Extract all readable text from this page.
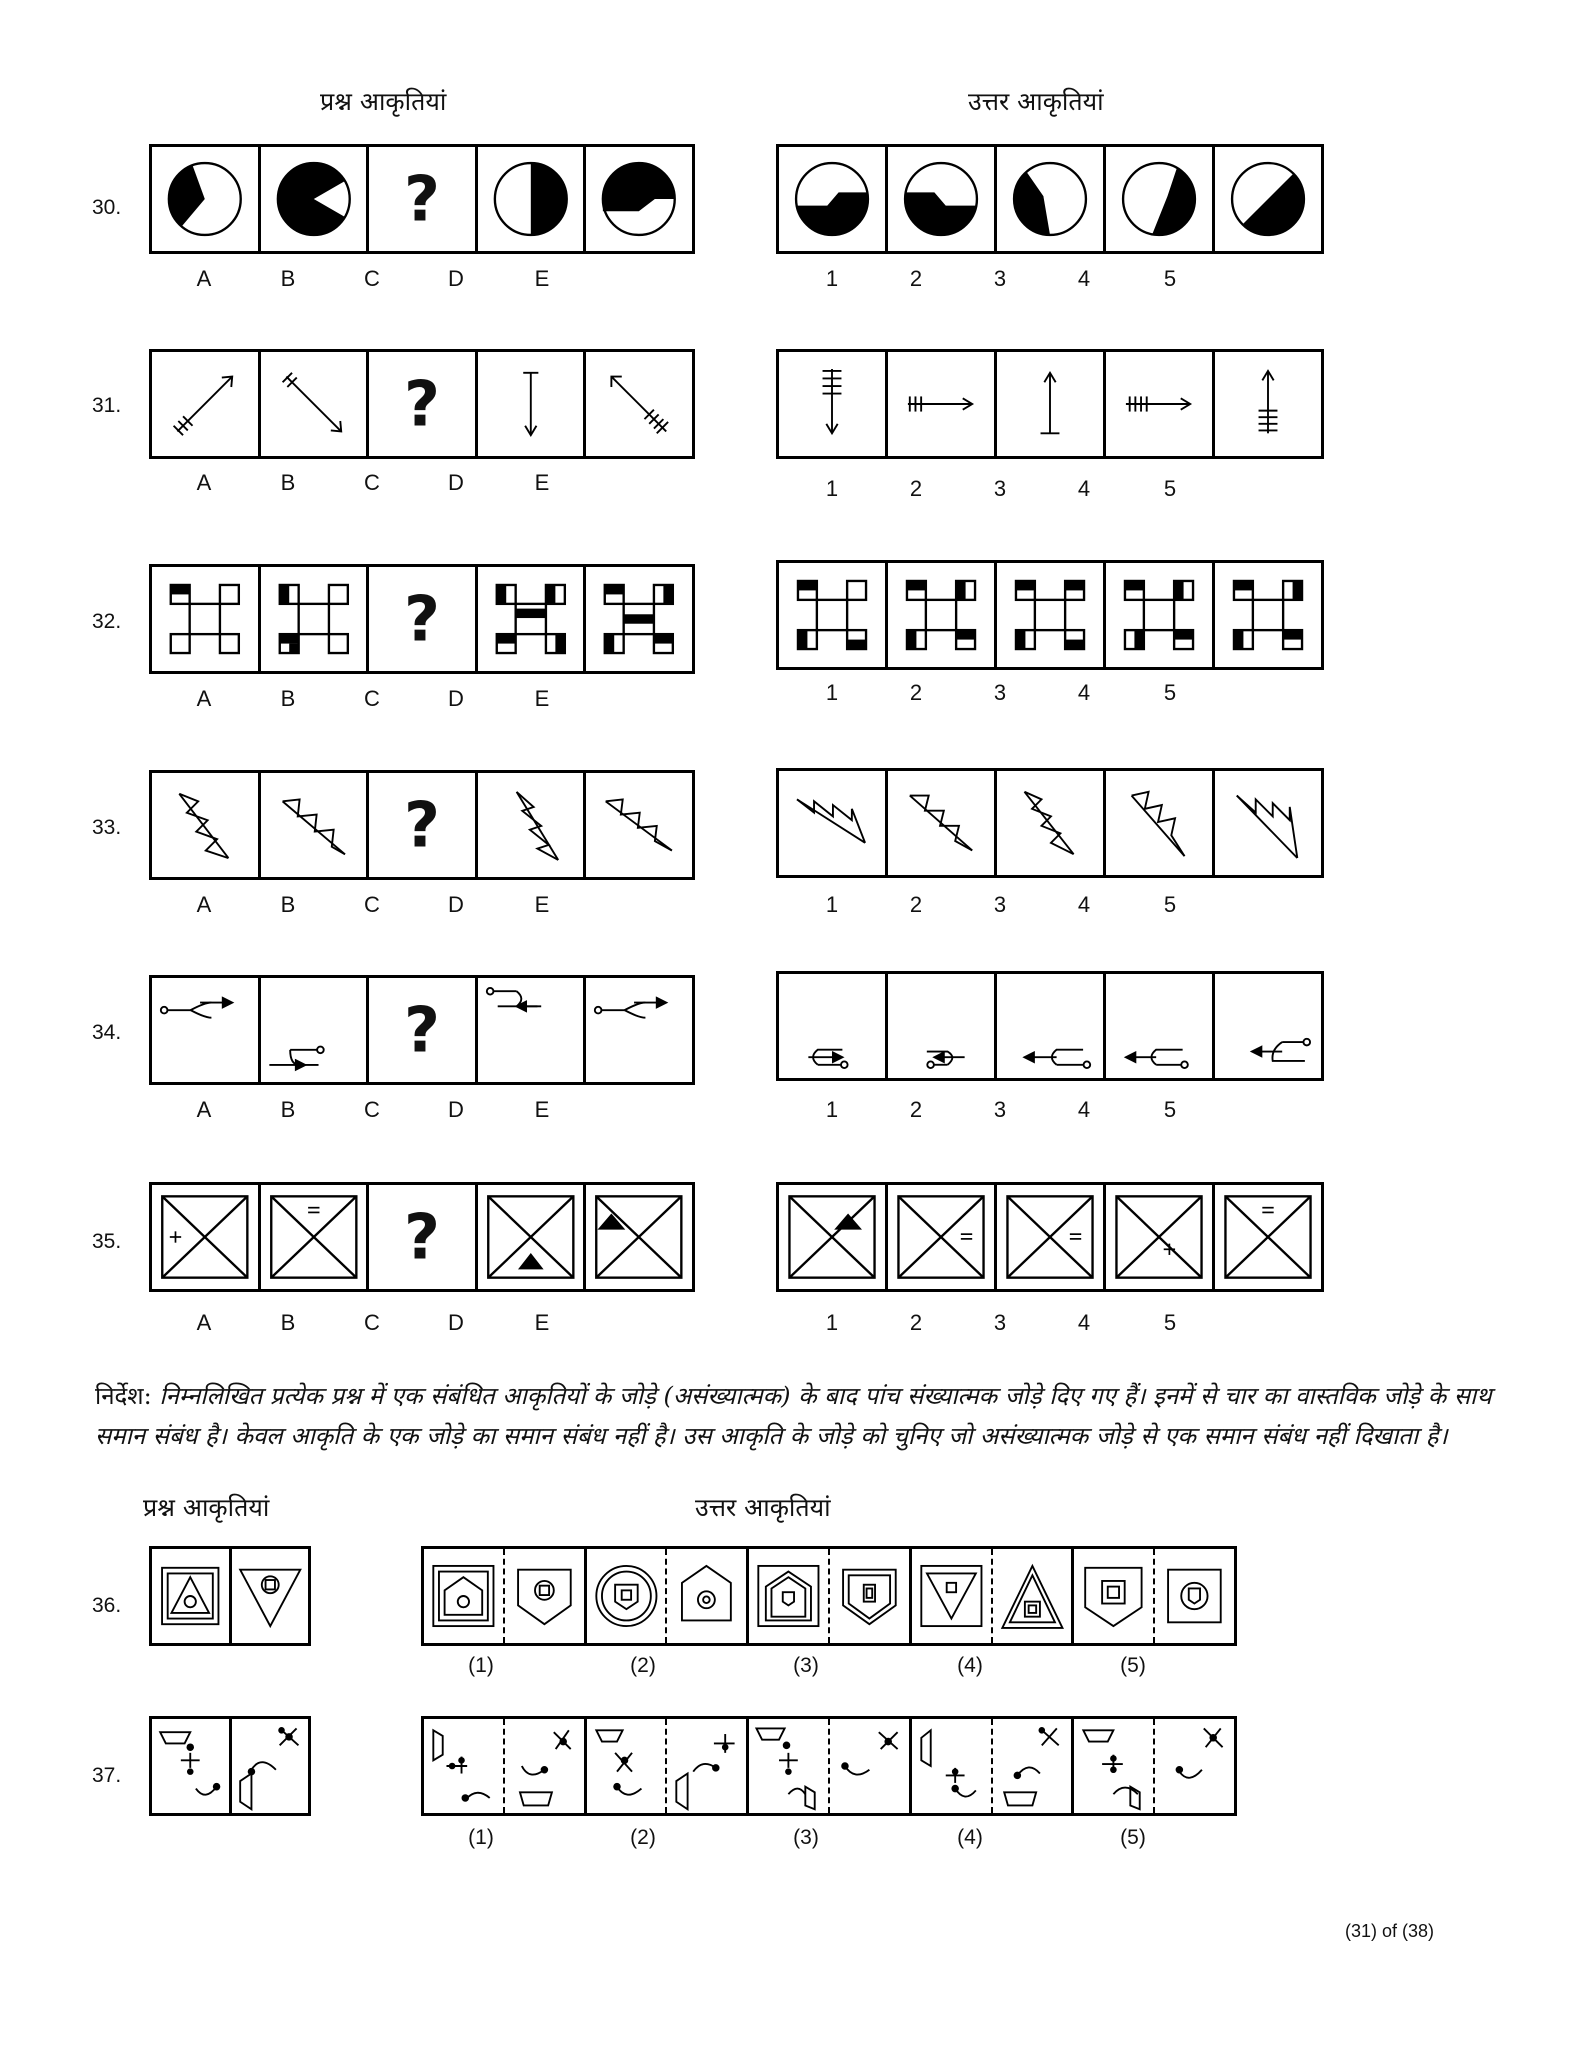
प्रश्न आकृतियां	उत्तर आकृतियां
30.	?
31.	?
32.	?
33.	?
34.	?
35.	?
A	B	C	D	E	1	2	3	4	5
A	B	C	D	E	1	2	3	4	5
A	B	C	D	E	1	2	3	4	5
A	B	C	D	E	1	2	3	4	5
A	B	C	D	E	1	2	3	4	5
A	B	C	D	E	1	2	3	4	5
निर्देश: निम्नलिखित प्रत्येक प्रश्न में एक संबंधित आकृतियों के जोड़े (असंख्यात्मक) के बाद पांच संख्यात्मक जोड़े दिए गए हैं। इनमें से चार का वास्तविक जोड़े के साथ समान संबंध है। केवल आकृति के एक जोड़े का समान संबंध नहीं है। उस आकृति के जोड़े को चुनिए जो असंख्यात्मक जोड़े से एक समान संबंध नहीं दिखाता है।
प्रश्न आकृतियां	उत्तर आकृतियां
36.
37.
(1)	(2)	(3)	(4)	(5)
(1)	(2)	(3)	(4)	(5)
(31) of (38)
